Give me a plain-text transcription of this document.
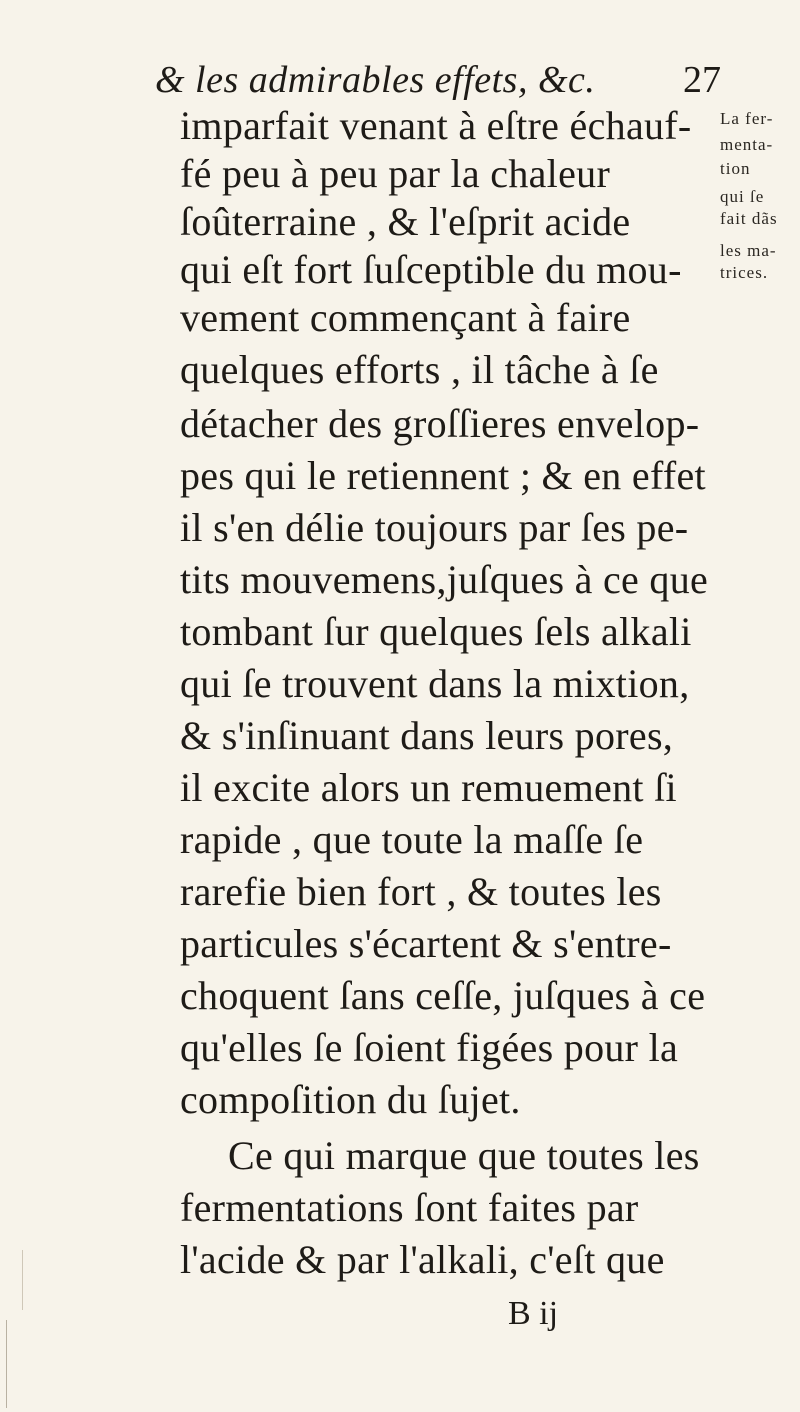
& les admirables effets, &c. 27
imparfait venant à eſtre échauf-
fé peu à peu par la chaleur
ſoûterraine , & l'eſprit acide
qui eſt fort ſuſceptible du mou-
vement commençant à faire
quelques efforts , il tâche à ſe
détacher des groſſieres envelop-
pes qui le retiennent ; & en effet
il s'en délie toujours par ſes pe-
tits mouvemens,juſques à ce que
tombant ſur quelques ſels alkali
qui ſe trouvent dans la mixtion,
& s'inſinuant dans leurs pores,
il excite alors un remuement ſi
rapide , que toute la maſſe ſe
rarefie bien fort , & toutes les
particules s'écartent & s'entre-
choquent ſans ceſſe, juſques à ce
qu'elles ſe ſoient figées pour la
compoſition du ſujet.
Ce qui marque que toutes les
fermentations ſont faites par
l'acide & par l'alkali, c'eſt que
La fer-
menta-
tion
qui ſe
fait dãs
les ma-
trices.
B ij
